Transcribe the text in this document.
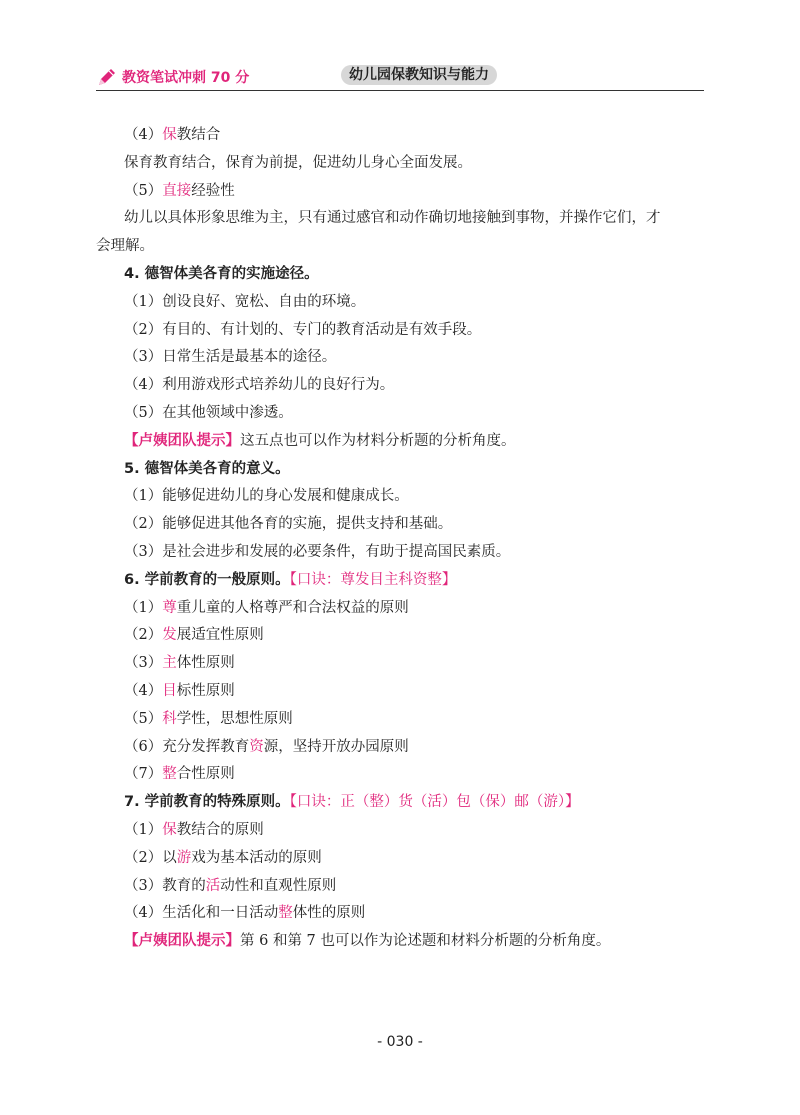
教资笔试冲刺 70 分	幼儿园保教知识与能力
（4）保教结合
保育教育结合，保育为前提，促进幼儿身心全面发展。
（5）直接经验性
幼儿以具体形象思维为主，只有通过感官和动作确切地接触到事物，并操作它们，才
会理解。
4. 德智体美各育的实施途径。
（1）创设良好、宽松、自由的环境。
（2）有目的、有计划的、专门的教育活动是有效手段。
（3）日常生活是最基本的途径。
（4）利用游戏形式培养幼儿的良好行为。
（5）在其他领域中渗透。
【卢姨团队提示】这五点也可以作为材料分析题的分析角度。
5. 德智体美各育的意义。
（1）能够促进幼儿的身心发展和健康成长。
（2）能够促进其他各育的实施，提供支持和基础。
（3）是社会进步和发展的必要条件，有助于提高国民素质。
6. 学前教育的一般原则。【口诀：尊发目主科资整】
（1）尊重儿童的人格尊严和合法权益的原则
（2）发展适宜性原则
（3）主体性原则
（4）目标性原则
（5）科学性，思想性原则
（6）充分发挥教育资源，坚持开放办园原则
（7）整合性原则
7. 学前教育的特殊原则。【口诀：正（整）货（活）包（保）邮（游）】
（1）保教结合的原则
（2）以游戏为基本活动的原则
（3）教育的活动性和直观性原则
（4）生活化和一日活动整体性的原则
【卢姨团队提示】第 6 和第 7 也可以作为论述题和材料分析题的分析角度。
- 030 -
